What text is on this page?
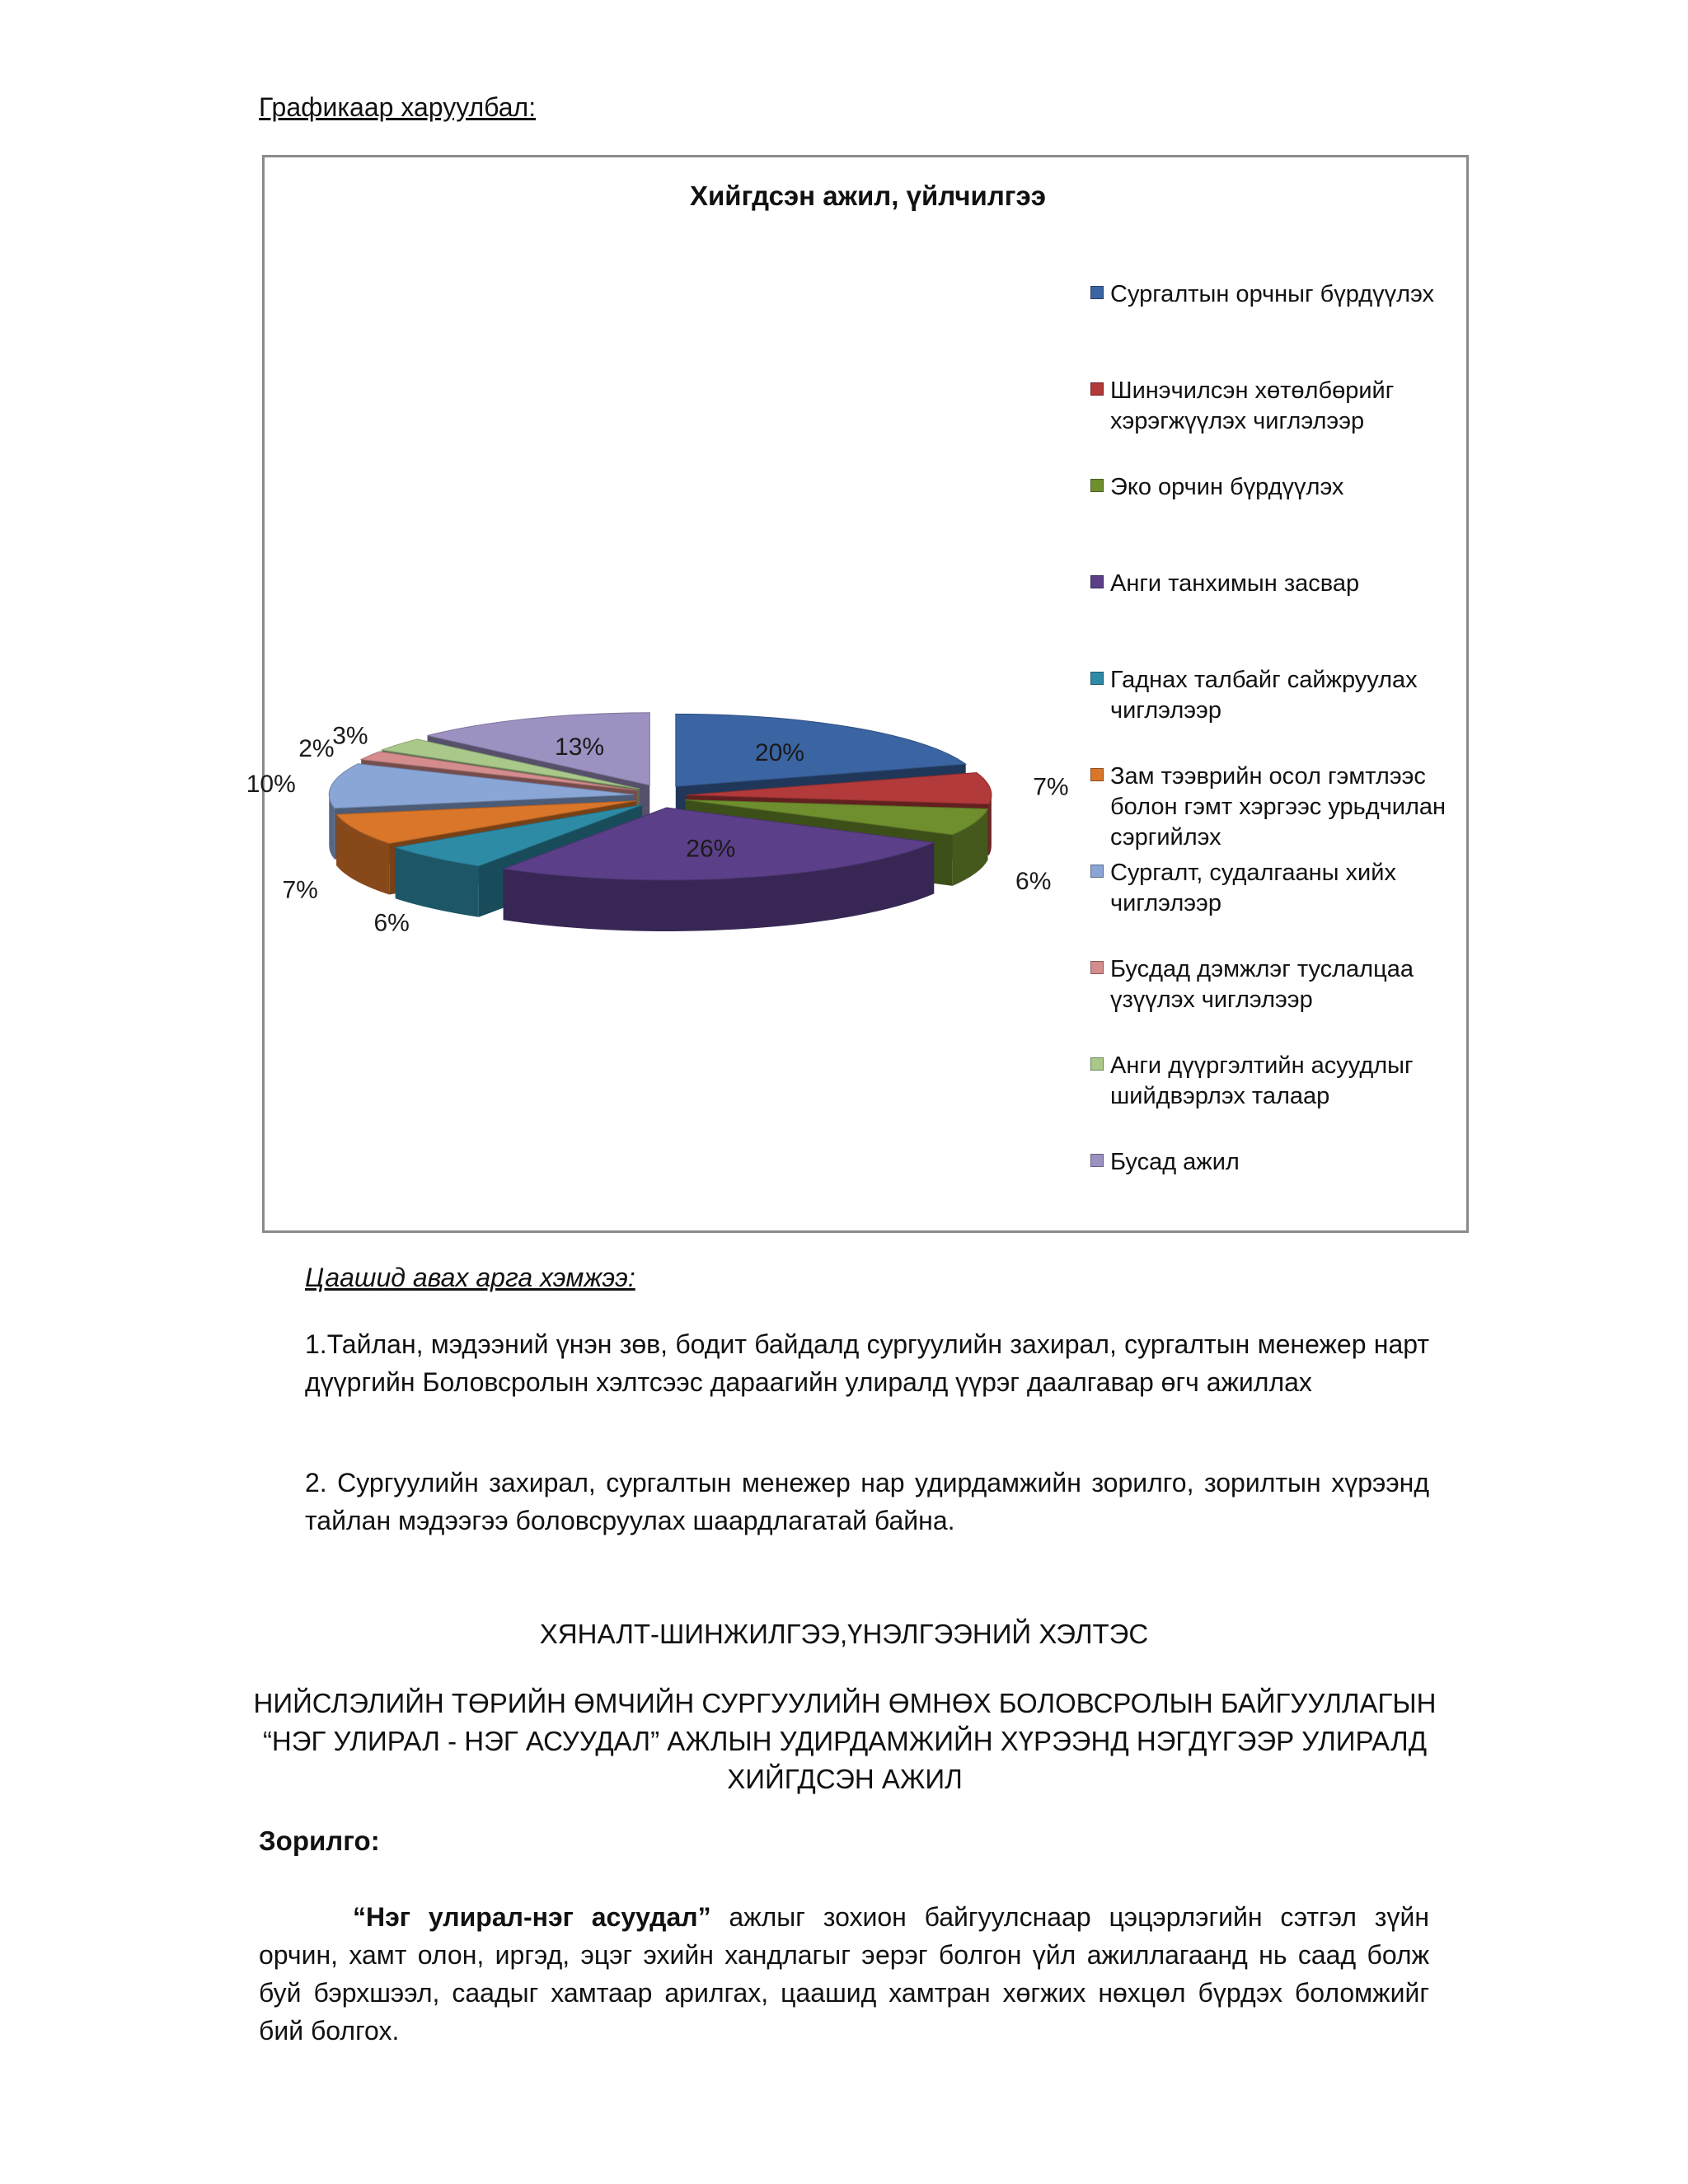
Графикаар харуулбал:
Хийгдсэн ажил, үйлчилгээ
20%
7%
6%
26%
6%
7%
10%
2%
3%	13%
Сургалтын орчныг бүрдүүлэх
Шинэчилсэн хөтөлбөрийг хэрэгжүүлэх чиглэлээр
Эко орчин бүрдүүлэх
Анги танхимын засвар
Гаднах талбайг сайжруулах чиглэлээр
Зам тээврийн осол гэмтлээс болон гэмт хэргээс урьдчилан сэргийлэх
Сургалт, судалгааны хийх чиглэлээр
Бусдад дэмжлэг туслалцаа үзүүлэх чиглэлээр
Анги дүүргэлтийн асуудлыг шийдвэрлэх талаар
Бусад ажил
Цаашид авах арга хэмжээ:
1.Тайлан, мэдээний үнэн зөв, бодит байдалд сургуулийн захирал, сургалтын менежер нарт дүүргийн Боловсролын хэлтсээс дараагийн улиралд үүрэг даалгавар өгч ажиллах
2. Сургуулийн захирал, сургалтын менежер нар удирдамжийн зорилго, зорилтын хүрээнд тайлан мэдээгээ боловсруулах шаардлагатай байна.
ХЯНАЛТ-ШИНЖИЛГЭЭ,ҮНЭЛГЭЭНИЙ ХЭЛТЭС
НИЙСЛЭЛИЙН ТӨРИЙН ӨМЧИЙН СУРГУУЛИЙН ӨМНӨХ БОЛОВСРОЛЫН БАЙГУУЛЛАГЫН “НЭГ УЛИРАЛ - НЭГ АСУУДАЛ” АЖЛЫН УДИРДАМЖИЙН ХҮРЭЭНД НЭГДҮГЭЭР УЛИРАЛД ХИЙГДСЭН АЖИЛ
Зорилго:
“Нэг улирал-нэг асуудал” ажлыг зохион байгуулснаар цэцэрлэгийн сэтгэл зүйн орчин, хамт олон, иргэд, эцэг эхийн хандлагыг эерэг болгон үйл ажиллагаанд нь саад болж буй бэрхшээл, саадыг хамтаар арилгах, цаашид хамтран хөгжих нөхцөл бүрдэх боломжийг бий болгох.
